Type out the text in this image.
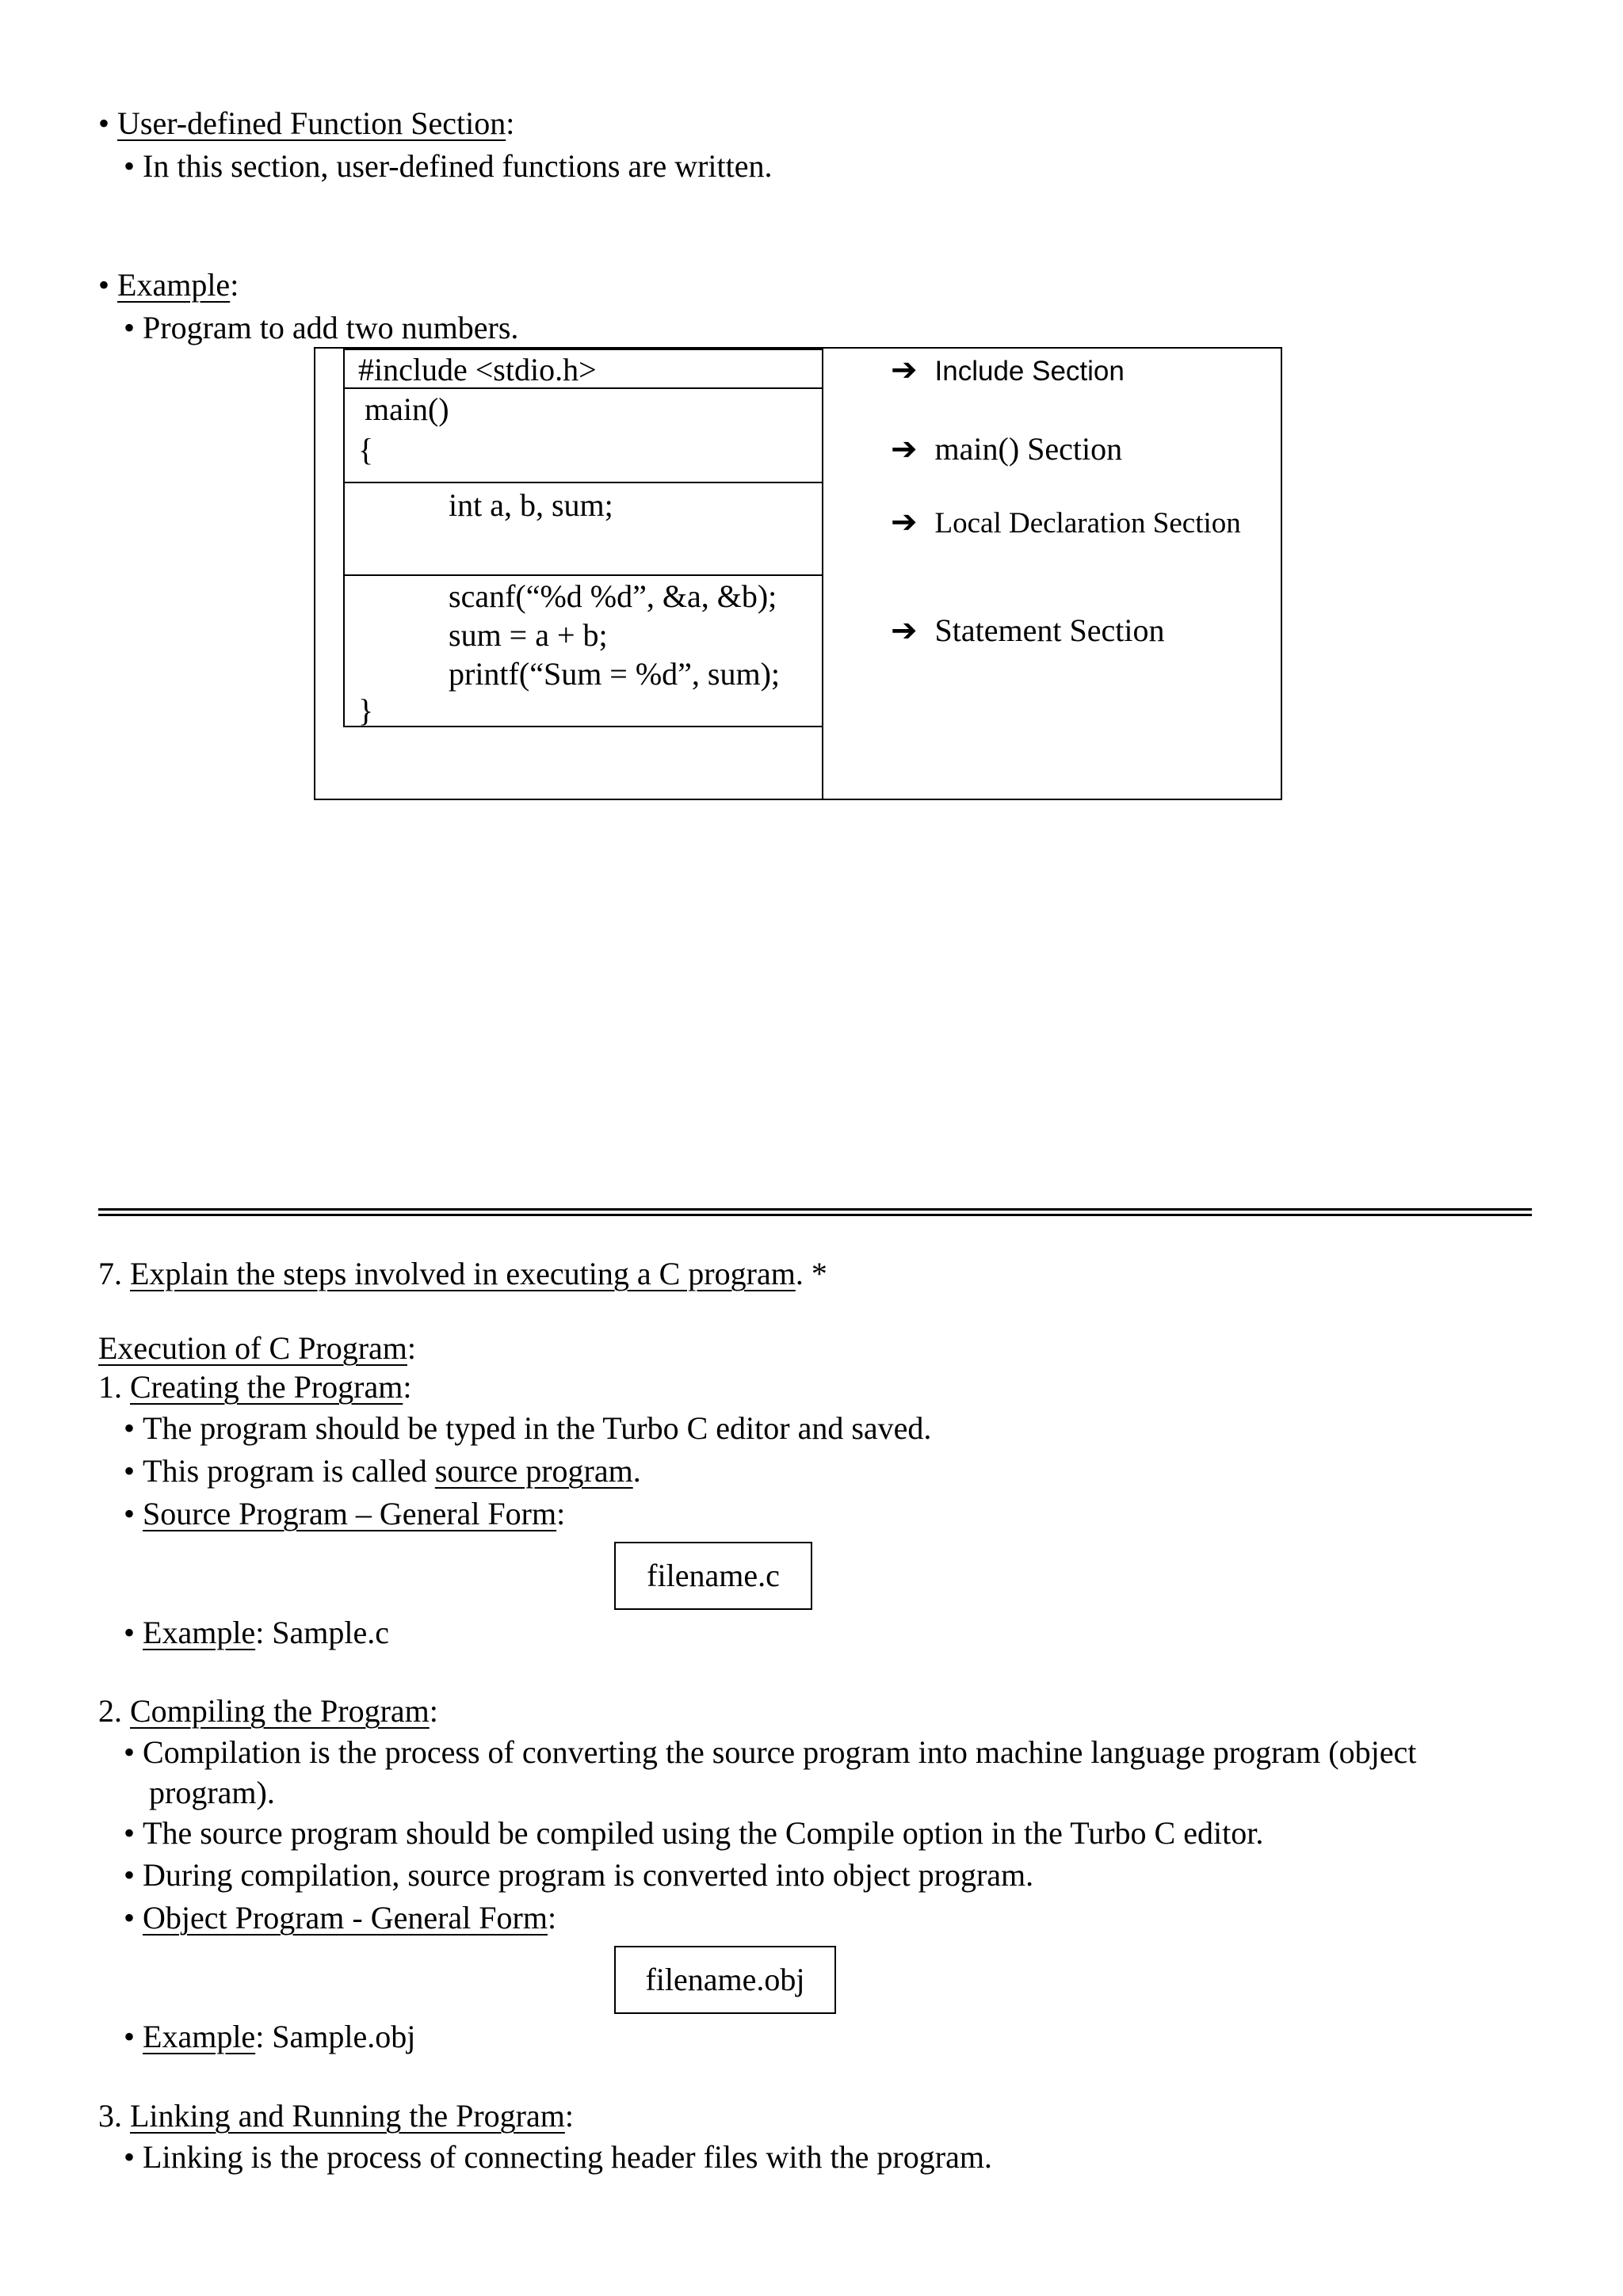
• User-defined Function Section:
• In this section, user-defined functions are written.
• Example:
• Program to add two numbers.
#include <stdio.h>
main()
{
int a, b, sum;
scanf(“%d %d”, &a, &b);
sum = a + b;
printf(“Sum = %d”, sum);
}
➔ Include Section
➔ main() Section
➔ Local Declaration Section
➔ Statement Section
7. Explain the steps involved in executing a C program. *
Execution of C Program:
1. Creating the Program:
• The program should be typed in the Turbo C editor and saved.
• This program is called source program.
• Source Program – General Form:
filename.c
• Example: Sample.c
2. Compiling the Program:
• Compilation is the process of converting the source program into machine language program (object
program).
• The source program should be compiled using the Compile option in the Turbo C editor.
• During compilation, source program is converted into object program.
• Object Program - General Form:
filename.obj
• Example: Sample.obj
3. Linking and Running the Program:
• Linking is the process of connecting header files with the program.
